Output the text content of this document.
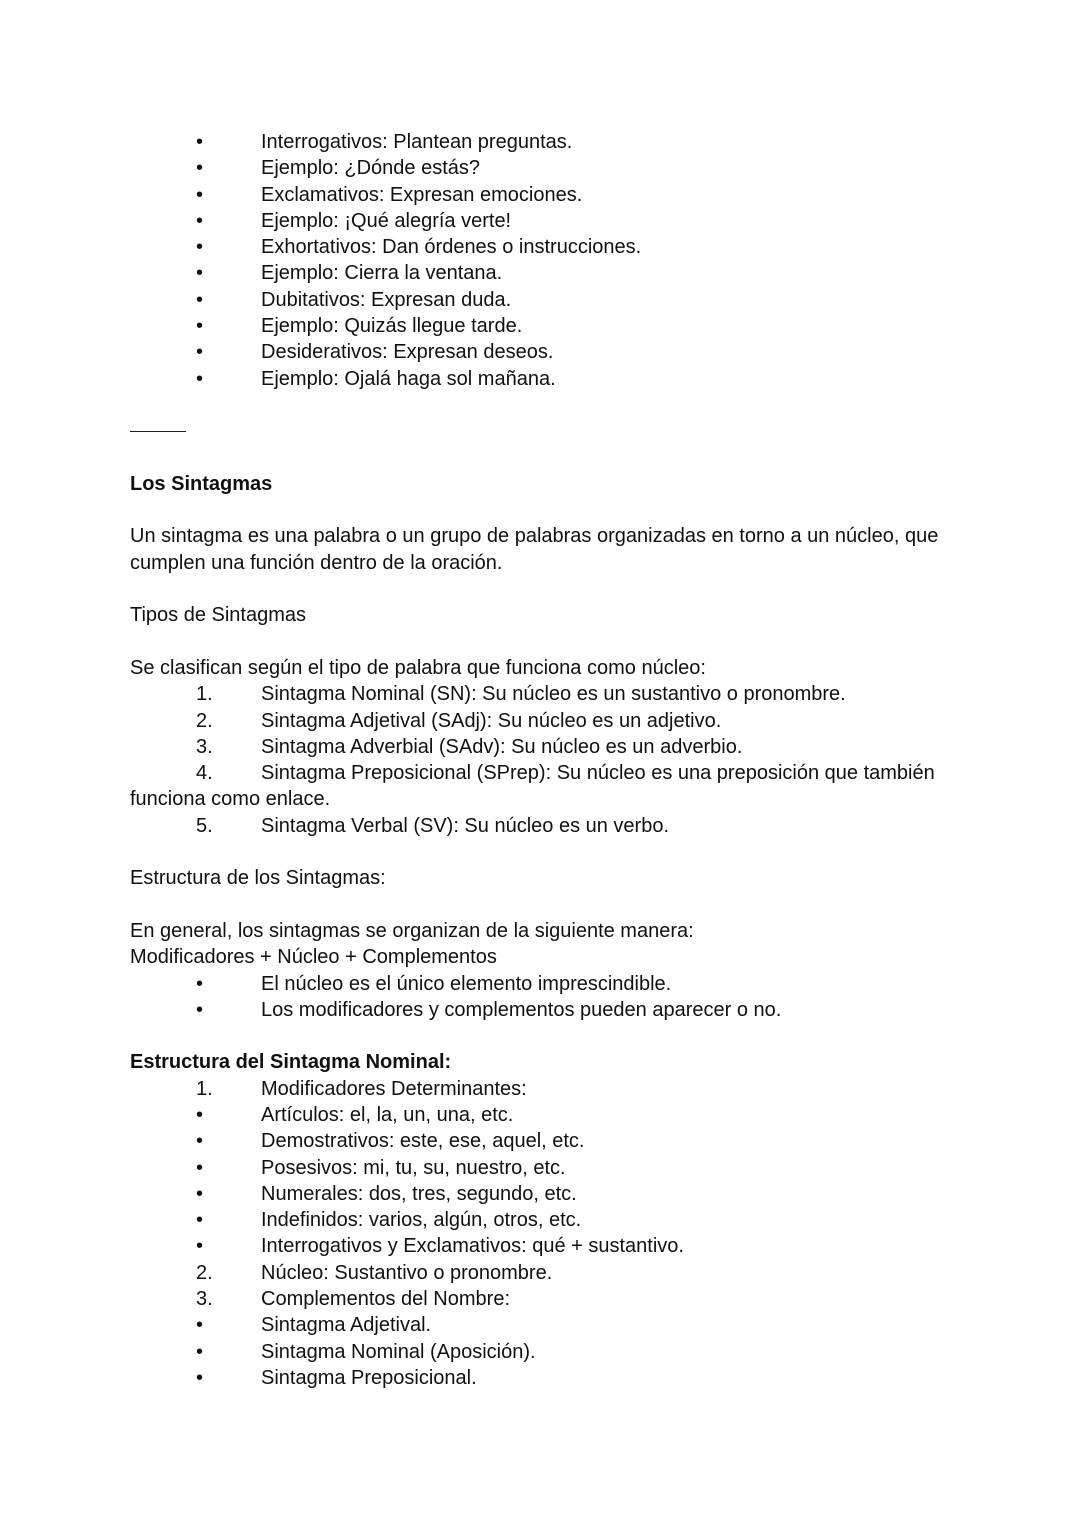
•	Interrogativos: Plantean preguntas.
•	Ejemplo: ¿Dónde estás?
•	Exclamativos: Expresan emociones.
•	Ejemplo: ¡Qué alegría verte!
•	Exhortativos: Dan órdenes o instrucciones.
•	Ejemplo: Cierra la ventana.
•	Dubitativos: Expresan duda.
•	Ejemplo: Quizás llegue tarde.
•	Desiderativos: Expresan deseos.
•	Ejemplo: Ojalá haga sol mañana.
Los Sintagmas
Un sintagma es una palabra o un grupo de palabras organizadas en torno a un núcleo, que
cumplen una función dentro de la oración.
Tipos de Sintagmas
Se clasifican según el tipo de palabra que funciona como núcleo:
1. Sintagma Nominal (SN): Su núcleo es un sustantivo o pronombre.
2. Sintagma Adjetival (SAdj): Su núcleo es un adjetivo.
3. Sintagma Adverbial (SAdv): Su núcleo es un adverbio.
4. Sintagma Preposicional (SPrep): Su núcleo es una preposición que también
funciona como enlace.
5. Sintagma Verbal (SV): Su núcleo es un verbo.
Estructura de los Sintagmas:
En general, los sintagmas se organizan de la siguiente manera:
Modificadores + Núcleo + Complementos
•	El núcleo es el único elemento imprescindible.
•	Los modificadores y complementos pueden aparecer o no.
Estructura del Sintagma Nominal:
1. Modificadores Determinantes:
•	Artículos: el, la, un, una, etc.
•	Demostrativos: este, ese, aquel, etc.
•	Posesivos: mi, tu, su, nuestro, etc.
•	Numerales: dos, tres, segundo, etc.
•	Indefinidos: varios, algún, otros, etc.
•	Interrogativos y Exclamativos: qué + sustantivo.
2. Núcleo: Sustantivo o pronombre.
3. Complementos del Nombre:
•	Sintagma Adjetival.
•	Sintagma Nominal (Aposición).
•	Sintagma Preposicional.
